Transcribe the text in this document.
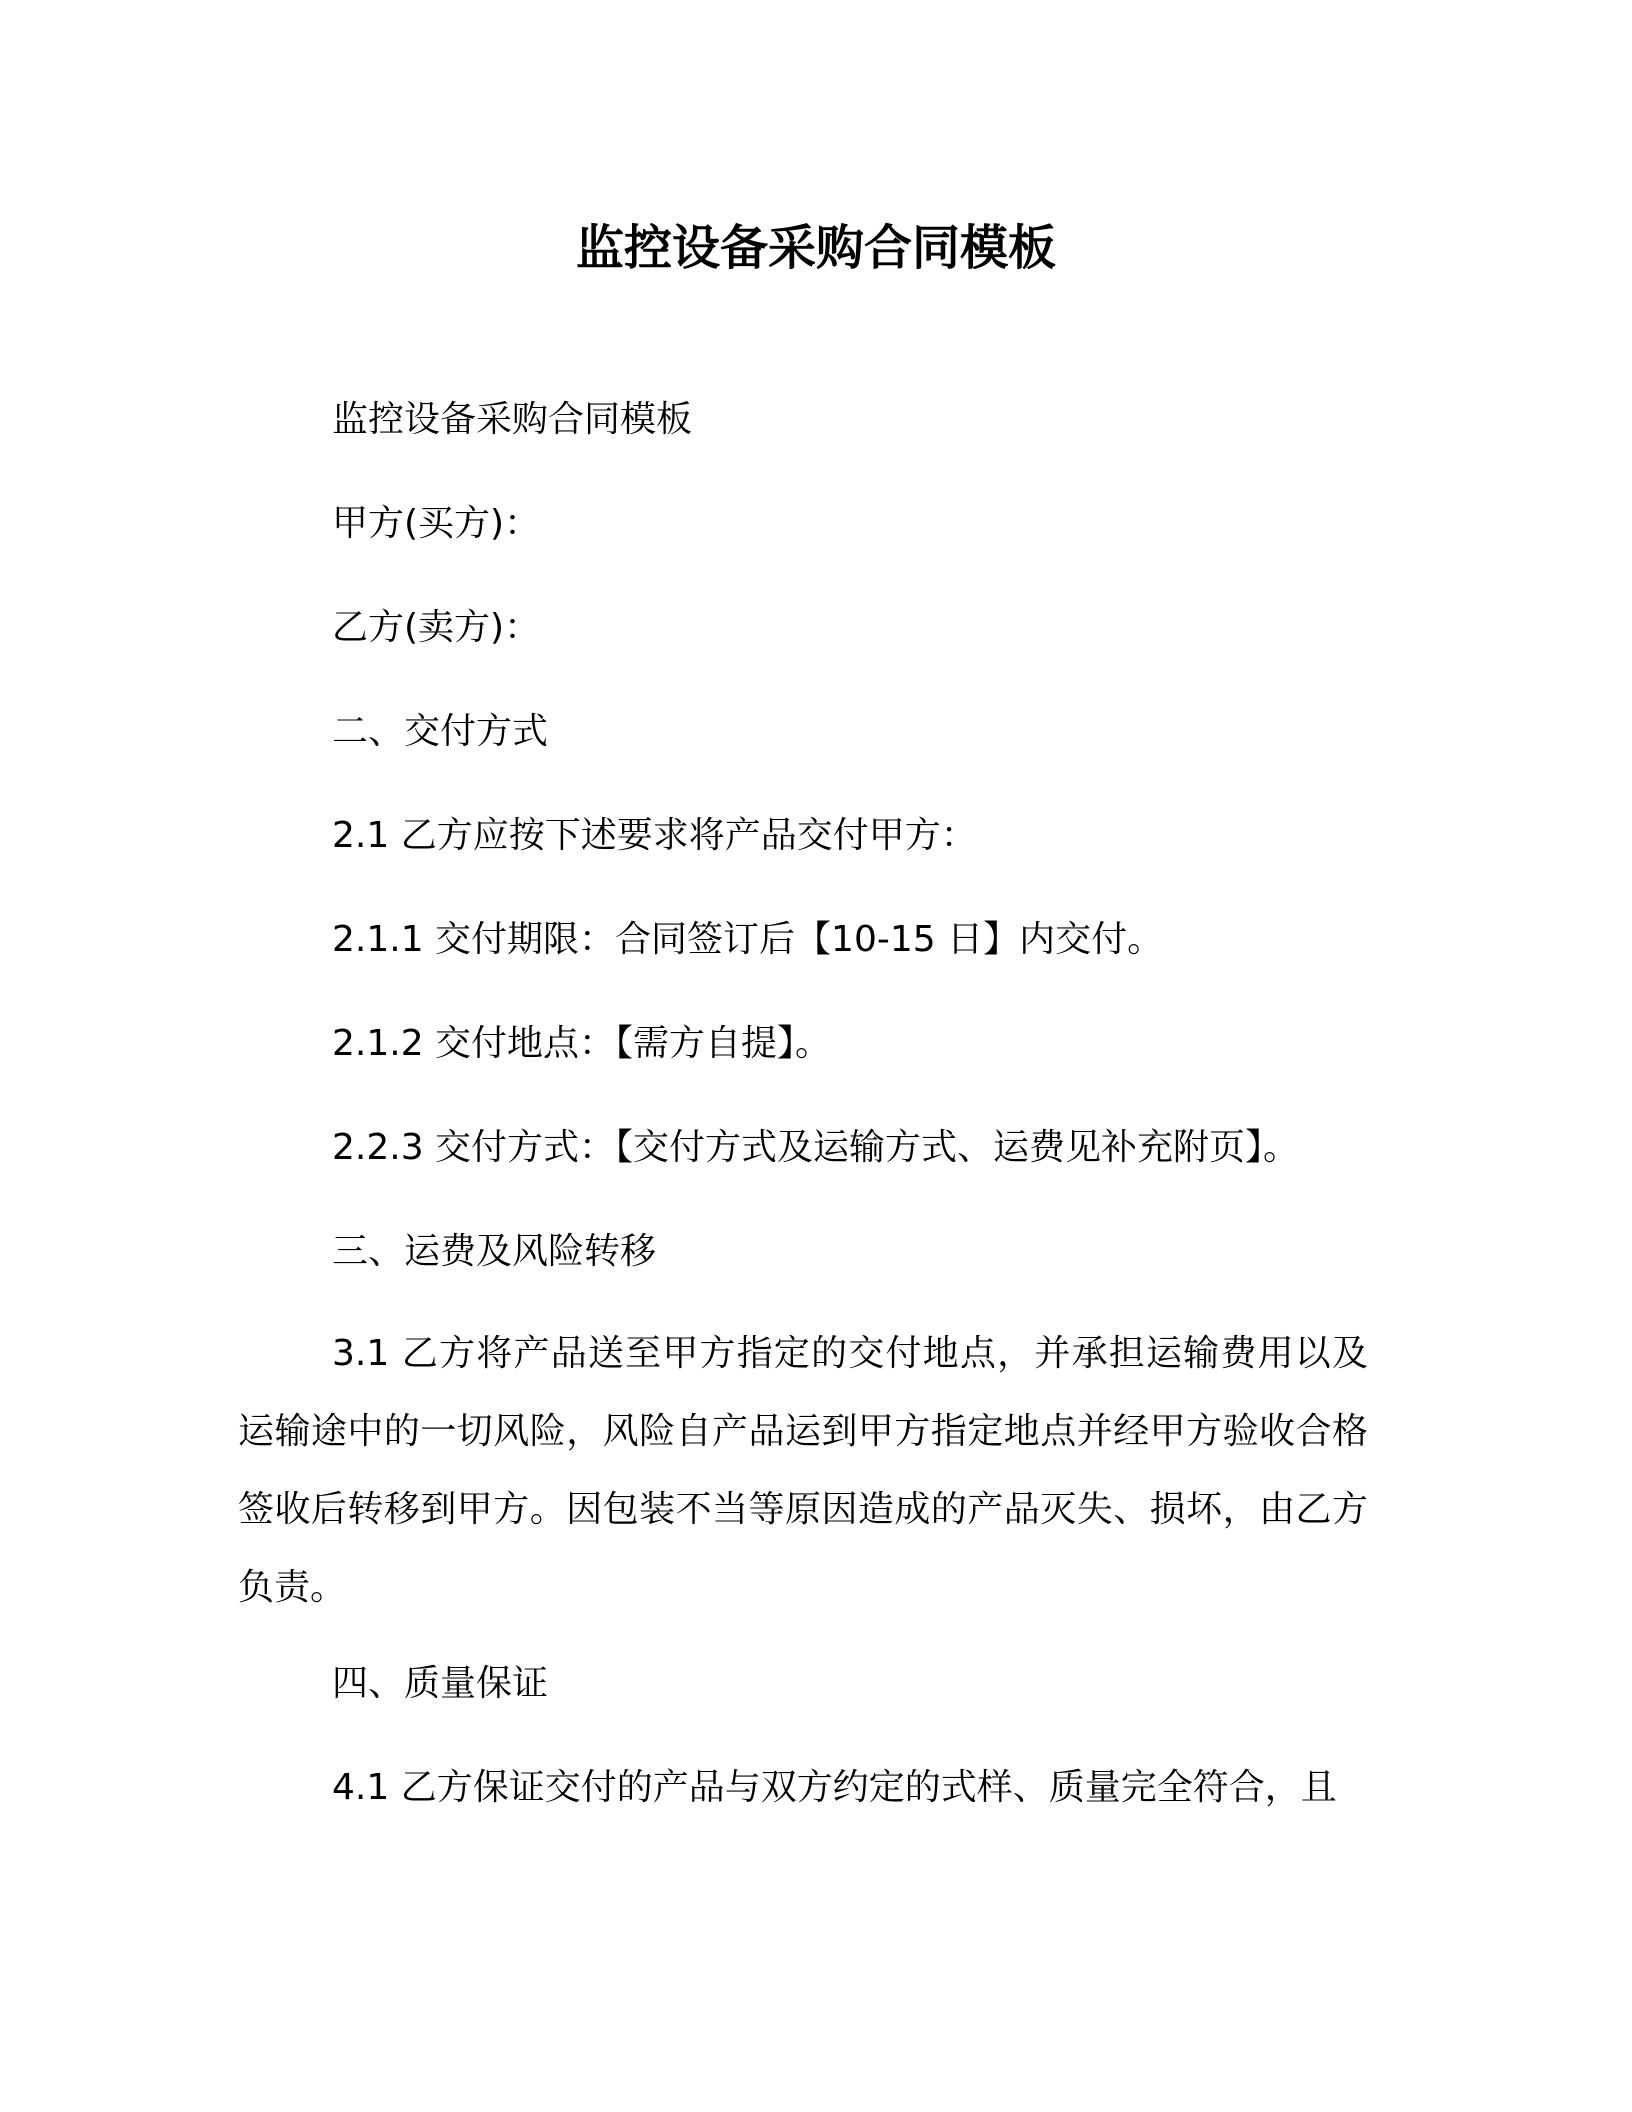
监控设备采购合同模板
监控设备采购合同模板
甲方(买方)：
乙方(卖方)：
二、交付方式
2.1 乙方应按下述要求将产品交付甲方：
2.1.1 交付期限：合同签订后【10-15 日】内交付。
2.1.2 交付地点：【需方自提】。
2.2.3 交付方式：【交付方式及运输方式、运费见补充附页】。
三、运费及风险转移
3.1 乙方将产品送至甲方指定的交付地点，并承担运输费用以及运输途中的一切风险，风险自产品运到甲方指定地点并经甲方验收合格签收后转移到甲方。因包装不当等原因造成的产品灭失、损坏，由乙方负责。
四、质量保证
4.1 乙方保证交付的产品与双方约定的式样、质量完全符合，且
